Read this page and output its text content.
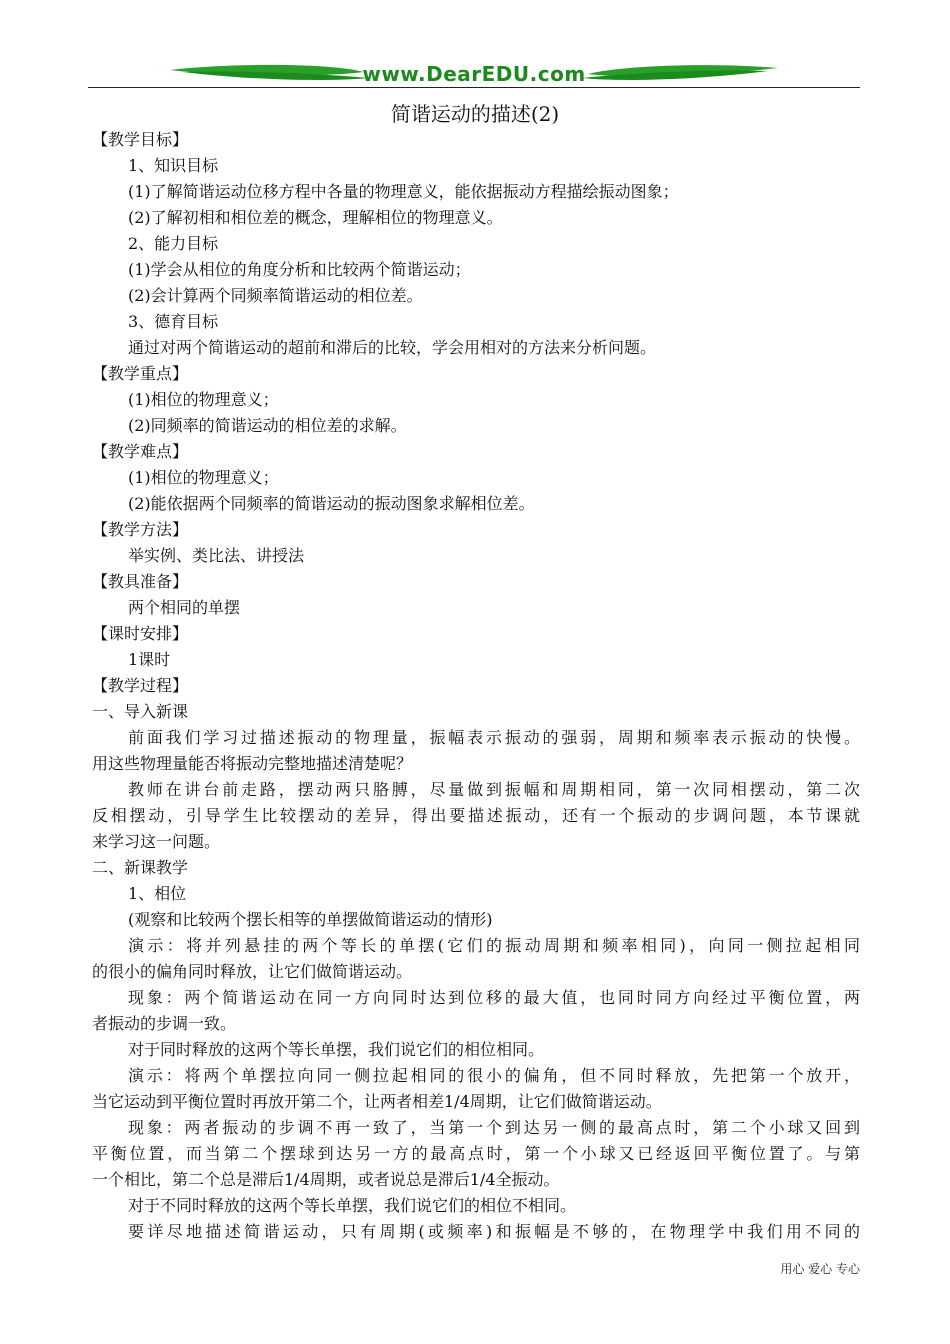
www.DearEDU.com
简谐运动的描述(2)
【教学目标】
1、知识目标
(1)了解简谐运动位移方程中各量的物理意义，能依据振动方程描绘振动图象；
(2)了解初相和相位差的概念，理解相位的物理意义。
2、能力目标
(1)学会从相位的角度分析和比较两个简谐运动；
(2)会计算两个同频率简谐运动的相位差。
3、德育目标
通过对两个简谐运动的超前和滞后的比较，学会用相对的方法来分析问题。
【教学重点】
(1)相位的物理意义；
(2)同频率的简谐运动的相位差的求解。
【教学难点】
(1)相位的物理意义；
(2)能依据两个同频率的简谐运动的振动图象求解相位差。
【教学方法】
举实例、类比法、讲授法
【教具准备】
两个相同的单摆
【课时安排】
1课时
【教学过程】
一、导入新课
前面我们学习过描述振动的物理量，振幅表示振动的强弱，周期和频率表示振动的快慢。
用这些物理量能否将振动完整地描述清楚呢？
教师在讲台前走路，摆动两只胳膊，尽量做到振幅和周期相同，第一次同相摆动，第二次
反相摆动，引导学生比较摆动的差异，得出要描述振动，还有一个振动的步调问题，本节课就
来学习这一问题。
二、新课教学
1、相位
(观察和比较两个摆长相等的单摆做简谐运动的情形)
演示：将并列悬挂的两个等长的单摆(它们的振动周期和频率相同)，向同一侧拉起相同
的很小的偏角同时释放，让它们做简谐运动。
现象：两个简谐运动在同一方向同时达到位移的最大值，也同时同方向经过平衡位置，两
者振动的步调一致。
对于同时释放的这两个等长单摆，我们说它们的相位相同。
演示：将两个单摆拉向同一侧拉起相同的很小的偏角，但不同时释放，先把第一个放开，
当它运动到平衡位置时再放开第二个，让两者相差1/4周期，让它们做简谐运动。
现象：两者振动的步调不再一致了，当第一个到达另一侧的最高点时，第二个小球又回到
平衡位置，而当第二个摆球到达另一方的最高点时，第一个小球又已经返回平衡位置了。与第
一个相比，第二个总是滞后1/4周期，或者说总是滞后1/4全振动。
对于不同时释放的这两个等长单摆，我们说它们的相位不相同。
要详尽地描述简谐运动，只有周期(或频率)和振幅是不够的，在物理学中我们用不同的
用心 爱心 专心
